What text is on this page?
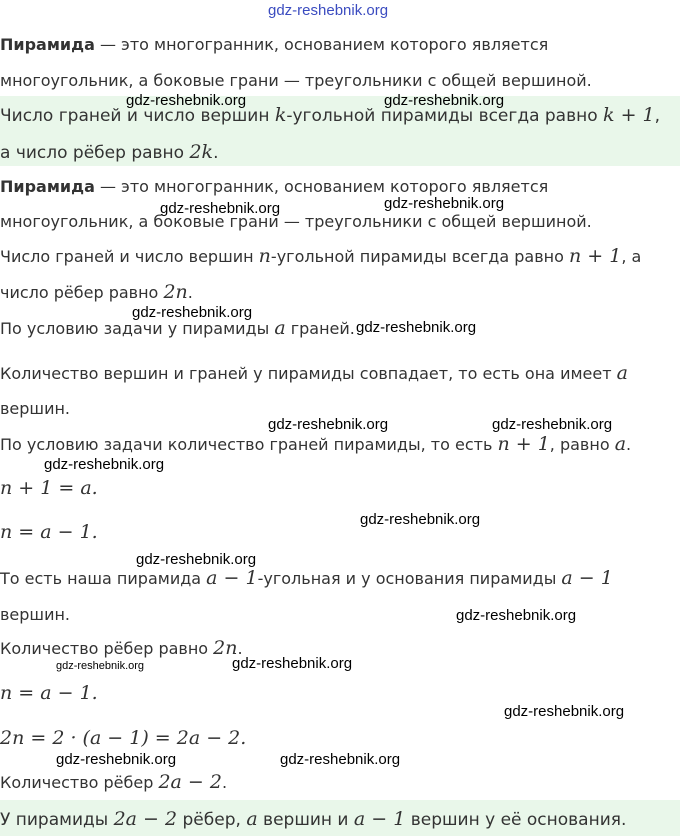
gdz-reshebnik.org
Пирамида — это многогранник, основанием которого является
многоугольник, а боковые грани — треугольники с общей вершиной.
Число граней и число вершин k-угольной пирамиды всегда равно k + 1,
а число рёбер равно 2k.
Пирамида — это многогранник, основанием которого является
многоугольник, а боковые грани — треугольники с общей вершиной.
Число граней и число вершин n-угольной пирамиды всегда равно n + 1, а
число рёбер равно 2n.
По условию задачи у пирамиды a граней.
Количество вершин и граней у пирамиды совпадает, то есть она имеет a
вершин.
По условию задачи количество граней пирамиды, то есть n + 1, равно a.
n + 1 = a.
n = a − 1.
То есть наша пирамида a − 1-угольная и у основания пирамиды a − 1
вершин.
Количество рёбер равно 2n.
n = a − 1.
2n = 2 · (a − 1) = 2a − 2.
Количество рёбер 2a − 2.
У пирамиды 2a − 2 рёбер, a вершин и a − 1 вершин у её основания.
gdz-reshebnik.org	gdz-reshebnik.org
gdz-reshebnik.org	gdz-reshebnik.org
gdz-reshebnik.org
gdz-reshebnik.org
gdz-reshebnik.org	gdz-reshebnik.org
gdz-reshebnik.org
gdz-reshebnik.org
gdz-reshebnik.org
gdz-reshebnik.org
gdz-reshebnik.org	gdz-reshebnik.org
gdz-reshebnik.org
gdz-reshebnik.org	gdz-reshebnik.org
